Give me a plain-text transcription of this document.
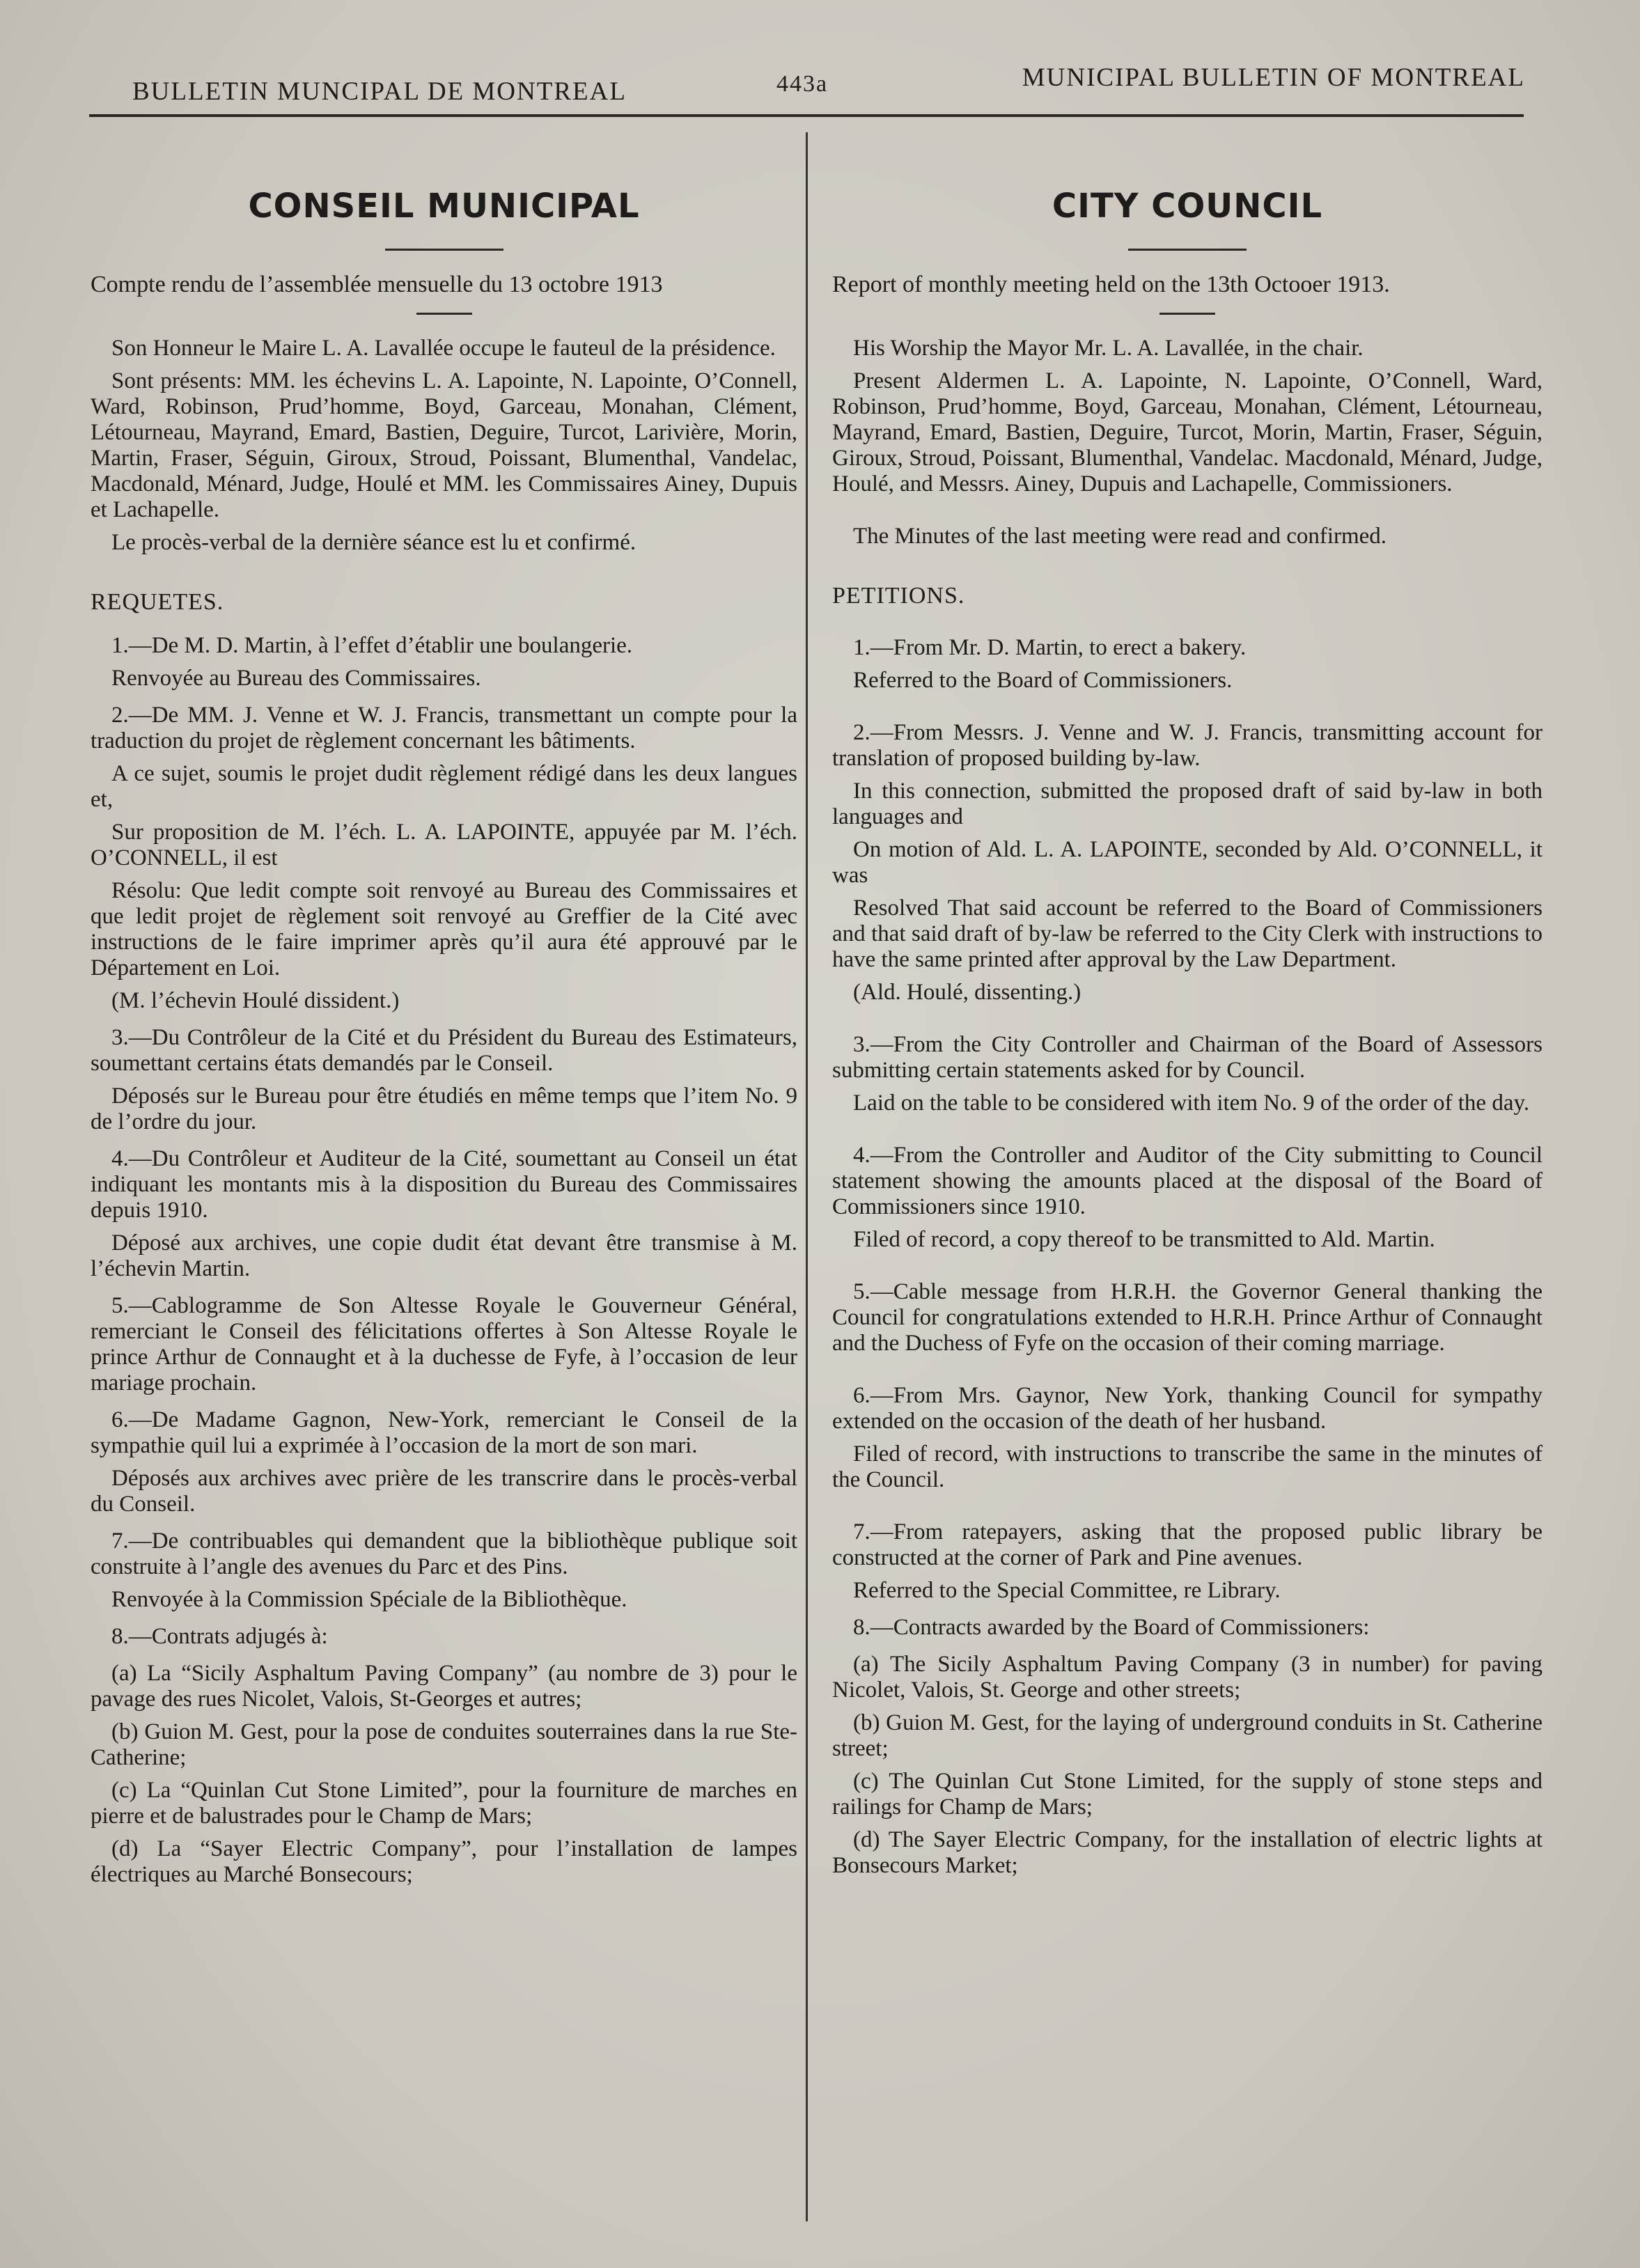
BULLETIN MUNCIPAL DE MONTREAL	443a	MUNICIPAL BULLETIN OF MONTREAL
CONSEIL MUNICIPAL

Compte rendu de l’assemblée mensuelle du 13 octobre 1913

Son Honneur le Maire L. A. Lavallée occupe le fauteul de la présidence.

Sont présents: MM. les échevins L. A. Lapointe, N. Lapointe, O’Connell, Ward, Robinson, Prud’homme, Boyd, Garceau, Monahan, Clément, Létourneau, Mayrand, Emard, Bastien, Deguire, Turcot, Larivière, Morin, Martin, Fraser, Séguin, Giroux, Stroud, Poissant, Blumenthal, Vandelac, Macdonald, Ménard, Judge, Houlé et MM. les Commissaires Ainey, Dupuis et Lachapelle.

Le procès-verbal de la dernière séance est lu et confirmé.

REQUETES.

1.—De M. D. Martin, à l’effet d’établir une boulangerie.

Renvoyée au Bureau des Commissaires.

2.—De MM. J. Venne et W. J. Francis, transmettant un compte pour la traduction du projet de règlement concernant les bâtiments.

A ce sujet, soumis le projet dudit règlement rédigé dans les deux langues et,

Sur proposition de M. l’éch. L. A. LAPOINTE, appuyée par M. l’éch. O’CONNELL, il est

Résolu: Que ledit compte soit renvoyé au Bureau des Commissaires et que ledit projet de règlement soit renvoyé au Greffier de la Cité avec instructions de le faire imprimer après qu’il aura été approuvé par le Département en Loi.

(M. l’échevin Houlé dissident.)

3.—Du Contrôleur de la Cité et du Président du Bureau des Estimateurs, soumettant certains états demandés par le Conseil.

Déposés sur le Bureau pour être étudiés en même temps que l’item No. 9 de l’ordre du jour.

4.—Du Contrôleur et Auditeur de la Cité, soumettant au Conseil un état indiquant les montants mis à la disposition du Bureau des Commissaires depuis 1910.

Déposé aux archives, une copie dudit état devant être transmise à M. l’échevin Martin.

5.—Cablogramme de Son Altesse Royale le Gouverneur Général, remerciant le Conseil des félicitations offertes à Son Altesse Royale le prince Arthur de Connaught et à la duchesse de Fyfe, à l’occasion de leur mariage prochain.

6.—De Madame Gagnon, New-York, remerciant le Conseil de la sympathie quil lui a exprimée à l’occasion de la mort de son mari.

Déposés aux archives avec prière de les transcrire dans le procès-verbal du Conseil.

7.—De contribuables qui demandent que la bibliothèque publique soit construite à l’angle des avenues du Parc et des Pins.

Renvoyée à la Commission Spéciale de la Bibliothèque.

8.—Contrats adjugés à:

(a) La “Sicily Asphaltum Paving Company” (au nombre de 3) pour le pavage des rues Nicolet, Valois, St-Georges et autres;

(b) Guion M. Gest, pour la pose de conduites souterraines dans la rue Ste-Catherine;

(c) La “Quinlan Cut Stone Limited”, pour la fourniture de marches en pierre et de balustrades pour le Champ de Mars;

(d) La “Sayer Electric Company”, pour l’installation de lampes électriques au Marché Bonsecours;

CITY COUNCIL

Report of monthly meeting held on the 13th Octooer 1913.

His Worship the Mayor Mr. L. A. Lavallée, in the chair.

Present Aldermen L. A. Lapointe, N. Lapointe, O’Connell, Ward, Robinson, Prud’homme, Boyd, Garceau, Monahan, Clément, Létourneau, Mayrand, Emard, Bastien, Deguire, Turcot, Morin, Martin, Fraser, Séguin, Giroux, Stroud, Poissant, Blumenthal, Vandelac. Macdonald, Ménard, Judge, Houlé, and Messrs. Ainey, Dupuis and Lachapelle, Commissioners.

The Minutes of the last meeting were read and confirmed.

PETITIONS.

1.—From Mr. D. Martin, to erect a bakery.

Referred to the Board of Commissioners.

2.—From Messrs. J. Venne and W. J. Francis, transmitting account for translation of proposed building by-law.

In this connection, submitted the proposed draft of said by-law in both languages and

On motion of Ald. L. A. LAPOINTE, seconded by Ald. O’CONNELL, it was

Resolved That said account be referred to the Board of Commissioners and that said draft of by-law be referred to the City Clerk with instructions to have the same printed after approval by the Law Department.

(Ald. Houlé, dissenting.)

3.—From the City Controller and Chairman of the Board of Assessors submitting certain statements asked for by Council.

Laid on the table to be considered with item No. 9 of the order of the day.

4.—From the Controller and Auditor of the City submitting to Council statement showing the amounts placed at the disposal of the Board of Commissioners since 1910.

Filed of record, a copy thereof to be transmitted to Ald. Martin.

5.—Cable message from H.R.H. the Governor General thanking the Council for congratulations extended to H.R.H. Prince Arthur of Connaught and the Duchess of Fyfe on the occasion of their coming marriage.

6.—From Mrs. Gaynor, New York, thanking Council for sympathy extended on the occasion of the death of her husband.

Filed of record, with instructions to transcribe the same in the minutes of the Council.

7.—From ratepayers, asking that the proposed public library be constructed at the corner of Park and Pine avenues.

Referred to the Special Committee, re Library.

8.—Contracts awarded by the Board of Commissioners:

(a) The Sicily Asphaltum Paving Company (3 in number) for paving Nicolet, Valois, St. George and other streets;

(b) Guion M. Gest, for the laying of underground conduits in St. Catherine street;

(c) The Quinlan Cut Stone Limited, for the supply of stone steps and railings for Champ de Mars;

(d) The Sayer Electric Company, for the installation of electric lights at Bonsecours Market;
